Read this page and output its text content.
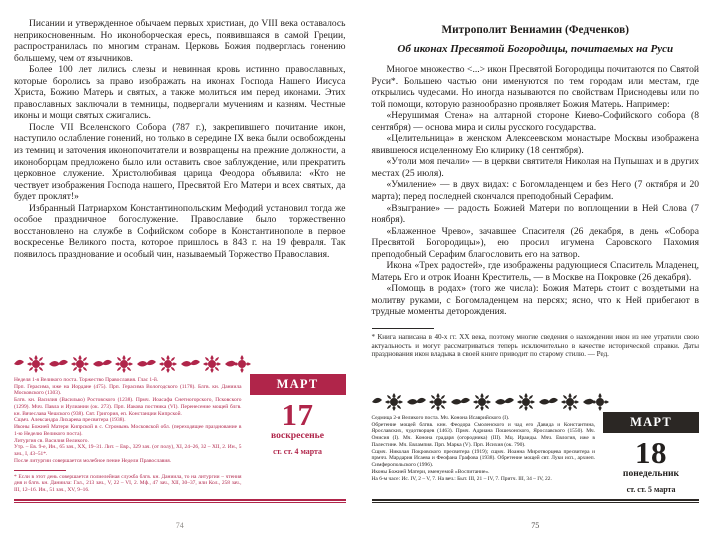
Писании и утвержденное обычаем первых христиан, до VIII века оставалось неприкосновенным. Но иконоборческая ересь, появившаяся в самой Греции, распространилась по многим странам. Церковь Божия подверглась гонению большему, чем от язычников.

Более 100 лет лились слезы и невинная кровь истинно православных, которые боролись за право изображать на иконах Господа Нашего Иисуса Христа, Божию Матерь и святых, а также молиться им перед иконами. Этих православных заключали в темницы, подвергали мучениям и казням. Честные иконы и мощи святых сжигались.

После VII Вселенского Собора (787 г.), закрепившего почитание икон, наступило ослабление гонений, но только в середине IX века были освобождены из темниц и заточения иконопочитатели и возвращены на прежние должности, а иконоборцам предложено было или оставить свое заблуждение, или прекратить церковное служение. Христолюбивая царица Феодора объявила: «Кто не чествует изображения Господа нашего, Пресвятой Его Матери и всех святых, да будет проклят!»

Избранный Патриархом Константинопольским Мефодий установил тогда же особое праздничное богослужение. Православие было торжественно восстановлено на службе в Софийском соборе в Константинополе в первое воскресенье Великого поста, которое пришлось в 843 г. на 19 февраля. Так появилось празднование и особый чин, называемый Торжество Православия.

Неделя 1-я Великого поста. Торжество Православия. Глас 1-й.

Прп. Герасима, иже на Иордане (475). Прп. Герасима Вологодского (1178). Блгв. кн. Даниила Московского (1303).

Блгв. кн. Василия (Василько) Ростовского (1238). Прмч. Иоасафа Снетногорского, Псковского (1299). Мчч. Павла и Иулиании (ок. 273). Прп. Иакова постника (VI). Перенесение мощей блгв. кн. Вячеслава Чешского (938). Свт. Григория, еп. Констанции Кипрской.

Сщмч. Александра Лихарева пресвитера (1938).

Иконы Божией Матери Кипрской в с. Стромынь Московской обл. (переходящее празднование в 1-ю Неделю Великого поста).

Литургия св. Василия Великого.

Утр. – Ев. 9-е, Ин., 65 зач., XX, 19–31. Лит. – Евр., 329 зач. (от полу), XI, 24–26, 32 – XII, 2. Ин., 5 зач., I, 43–51*.

После литургии совершается молебное пение Недели Православия.

* Если в этот день совершается полиелейная служба блгв. кн. Даниила, то на литургии – чтения дня и блгв. кн. Даниила: Гал., 213 зач., V, 22 – VI, 2. Мф., 47 зач., XII, 30–37, или Кол., 258 зач., III, 12–16. Ин., 51 зач., XV, 9–16.
МАРТ
17
воскресенье
ст. ст. 4 марта
74
Митрополит Вениамин (Федченков)
Об иконах Пресвятой Богородицы, почитаемых на Руси

Многое множество <...> икон Пресвятой Богородицы почитаются по Святой Руси*. Большею частью они именуются по тем городам или местам, где открылись чудесами. Но иногда называются по свойствам Приснодевы или по той помощи, которую разнообразно проявляет Божия Матерь. Например:

«Нерушимая Стена» на алтарной стороне Киево-Софийского собора (8 сентября) — основа мира и силы русского государства.

«Целительница» в женском Алексеевском монастыре Москвы изображена явившеюся исцеленному Ею клирику (18 сентября).

«Утоли моя печали» — в церкви святителя Николая на Пупышах и в других местах (25 июля).

«Умиление» — в двух видах: с Богомладенцем и без Него (7 октября и 20 марта); перед последней скончался преподобный Серафим.

«Взыграние» — радость Божией Матери по воплощении в Ней Слова (7 ноября).

«Блаженное Чрево», зачавшее Спасителя (26 декабря, в день «Собора Пресвятой Богородицы»), ею просил игумена Саровского Пахомия преподобный Серафим благословить его на затвор.

Икона «Трех радостей», где изображены радующиеся Спаситель Младенец, Матерь Его и отрок Иоанн Креститель, — в Москве на Покровке (26 декабря).

«Помощь в родах» (того же числа): Божия Матерь стоит с воздетыми на молитву руками, с Богомладенцем на персях; ясно, что к Ней прибегают в трудные моменты деторождения.

* Книга написана в 40-х гг. XX века, поэтому многие сведения о нахождении икон из нее утратили свою актуальность и могут рассматриваться теперь исключительно в качестве исторической справки. Даты празднования икон владыка в своей книге приводит по старому стилю. — Ред.

Седмица 2-я Великого поста. Мч. Конона Исаврийского (I).

Обретение мощей блгвв. кнн. Феодора Смоленского и чад его Давида и Константина, Ярославских, чудотворцев (1463). Прмч. Адриана Пошехонского, Ярославского (1550). Мч. Онисия (I). Мч. Конона градаря (огородника) (III). Мц. Ираиды. Мчч. Евлогия, иже в Палестине. Мч. Евлампия. Прп. Марка (V). Прп. Исихия (ок. 790).

Сщмч. Николая Покровского пресвитера (1919); сщмч. Иоанна Миротворцева пресвитера и прмчч. Мардария Исаева и Феофана Графова (1938). Обретение мощей свт. Луки исп., архиеп. Симферопольского (1996).

Иконы Божией Матери, именуемой «Воспитание».

На 6-м часе: Ис. IV, 2 – V, 7. На веч.: Быт. III, 21 – IV, 7. Притч. III, 34 – IV, 22.

МАРТ
18
понедельник
ст. ст. 5 марта
75
